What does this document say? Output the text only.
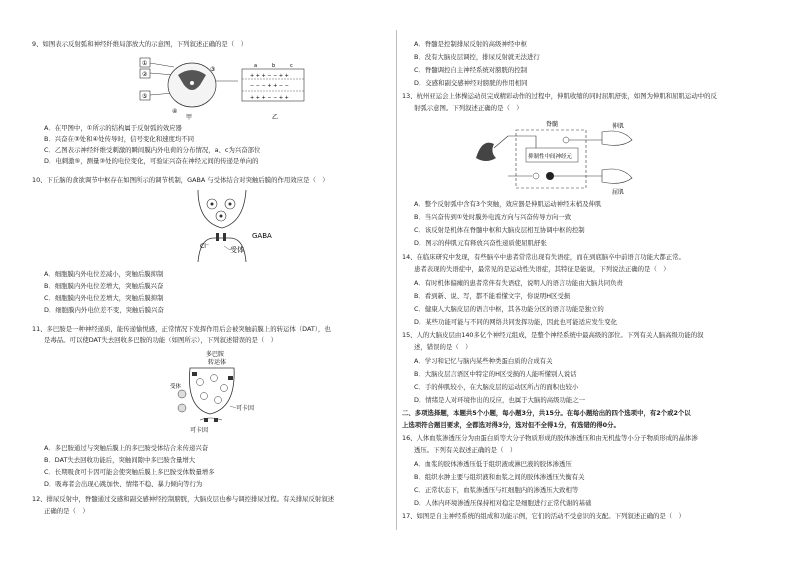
9、如图表示反射弧和神经纤维局部放大的示意图，下列叙述正确的是（　）
①
②
⑤
③
④
甲
+ + + − − + +
− − − + + − −
+ + + − − + +
a	b	c
乙
A．在甲图中，①所示的结构属于反射弧的效应器
B．兴奋在③处和④处传导时，信号变化和速度均不同
C．乙图表示神经纤维受刺激的瞬间膜内外电荷的分布情况，a、c为兴奋部位
D．电刺激⑤，测量③处的电位变化，可验证兴奋在神经元间的传递是单向的
10、下丘脑的食欲调节中枢存在如图所示的调节机制，GABA 与受体结合对突触后膜的作用效应是（　）
GABA
受体
Cl⁻
A．细胞膜内外电位差减小，突触后膜抑制
B．细胞膜内外电位差增大，突触后膜兴奋
C．细胞膜内外电位差增大，突触后膜抑制
D．细胞膜内外电位差不变，突触后膜兴奋
11、多巴胺是一种神经递质，能传递愉悦感，正常情况下发挥作用后会被突触前膜上的转运体（DAT），也
是毒品。可以使DAT失去回收多巴胺的功能（如图所示），下列叙述错误的是（　）
多巴胺
转运体
受体
可卡因
可卡因
A．多巴胺通过与突触后膜上的多巴胺受体结合来传递兴奋
B．DAT失去回收功能后，突触间隙中多巴胺含量增大
C．长期吸食可卡因可能会使突触后膜上多巴胺受体数量增多
D．吸毒者会出现心跳加快、情绪不稳、暴力倾向等行为
12、排尿反射中，脊髓通过交感和副交感神经控制膀胱，大脑皮层也参与调控排尿过程。有关排尿反射叙述
正确的是（　）
A．脊髓是控制排尿反射的高级神经中枢
B．没有大脑皮层调控，排尿反射就无法进行
C．脊髓调控自主神经系统对膀胱的控制
D．交感和副交感神经对膀胱的作用相同
13、杭州亚运会上体操运动员完成精彩动作的过程中，伸肌收缩的同时屈肌舒张，如图为伸肌和屈肌运动中的反
射弧示意图。下列叙述正确的是（　）
脊髓
抑制性中间神经元
伸肌
屈肌
A．整个反射弧中含有3个突触，效应器是伸肌运动神经末梢及伸肌
B．当兴奋传到①处时膜外电流方向与兴奋传导方向一致
C．该反射是机体在脊髓中枢和大脑皮层相互协调中枢的控制
D．图示的伸肌元有释放兴奋性递质使屈肌舒张
14、在临床研究中发现，有些脑卒中患者常常出现有失语症，而在到底脑卒中前语言功能大都正常。
患者表现的失语症中，最常见的是运动性失语症，其特征是能说，下列说法正确的是（　）
A．有时机体偏瘫的患者常伴有失语症，说明人的语言功能由大脑共同负责
B．看到新、说、写，都不能看懂文字，你说明H区受损
C．健康人大脑皮层的语言中枢，其各功能分区的语言功能是独立的
D．某些功能可能与不同的网络共同发挥功能，因此也可能适应发生变化
15、人的大脑皮层由140多亿个神经元组成，是整个神经系统中最高级的部位。下列有关人脑高级功能的叙
述，错误的是（　）
A．学习和记忆与脑内某些种类蛋白质的合成有关
B．大脑皮层言语区中特定的H区受损的人能听懂别人说话
C．手的伸肌较小，在大脑皮层的运动区所占的面积也较小
D．情绪是人对环境作出的反应，也属于大脑的高级功能之一
二、多项选择题，本题共5个小题，每小题3分，共15分。在每小题给出的四个选项中，有2个或2个以
上选项符合题目要求，全都选对得3分，选对但不全得1分，有选错的得0分。
16、人体血浆渗透压分为由蛋白质等大分子物质形成的胶体渗透压和由无机盐等小分子物质形成的晶体渗
透压。下列有关叙述正确的是（　）
A．血浆的胶体渗透压低于组织液或淋巴液的胶体渗透压
B．组织水肿主要与组织液和血浆之间的胶体渗透压失衡有关
C．正常状态下，血浆渗透压与红细胞内的渗透压大致相等
D．人体内环境渗透压保持相对稳定是细胞进行正常代谢的基础
17、如图是自主神经系统的组成和功能示例，它们的活动不受意识的支配。下列叙述正确的是（　）
